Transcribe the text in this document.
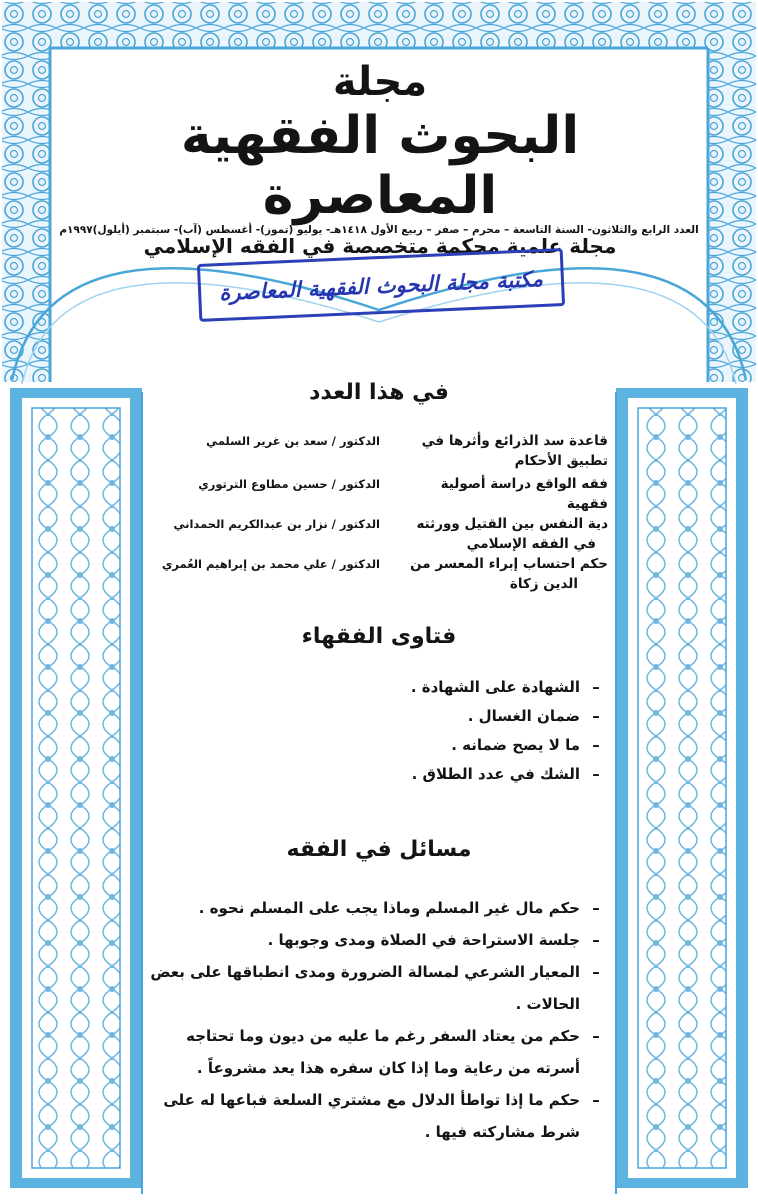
مجلة
البحوث الفقهية المعاصرة
مجلة علمية محكمة متخصصة في الفقه الإسلامي
العدد الرابع والثلاثون- السنة التاسعة – محرم – صفر – ربيع الأول ١٤١٨هـ- يوليو (تموز)- أغسطس (آب)- سبتمبر (أيلول)١٩٩٧م
مكتبة مجلة البحوث الفقهية المعاصرة
في هذا العدد
قاعدة سد الذرائع وأثرها في
تطبيق الأحكام
الدكتور / سعد بن غرير السلمي
فقه الواقع دراسة أصولية فقهية
الدكتور / حسين مطاوع الترتوري
دية النفس بين القتيل وورثته
في الفقه الإسلامي
الدكتور / نزار بن عبدالكريم الحمداني
حكم احتساب إبراء المعسر من
الدين زكاة
الدكتور / علي محمد بن إبراهيم العُمري
فتاوى الفقهاء
–
الشهادة على الشهادة .
–
ضمان الغسال .
–
ما لا يصح ضمانه .
–
الشك في عدد الطلاق .
مسائل في الفقه
–
حكم مال غير المسلم وماذا يجب على المسلم نحوه .
–
جلسة الاستراحة في الصلاة ومدى وجوبها .
–
المعيار الشرعي لمسالة الضرورة ومدى انطباقها على بعض
الحالات .
–
حكم من يعتاد السفر رغم ما عليه من ديون وما تحتاجه
أسرته من رعاية وما إذا كان سفره هذا يعد مشروعاً .
–
حكم ما إذا تواطأ الدلال مع مشتري السلعة فباعها له على
شرط مشاركته فيها .
